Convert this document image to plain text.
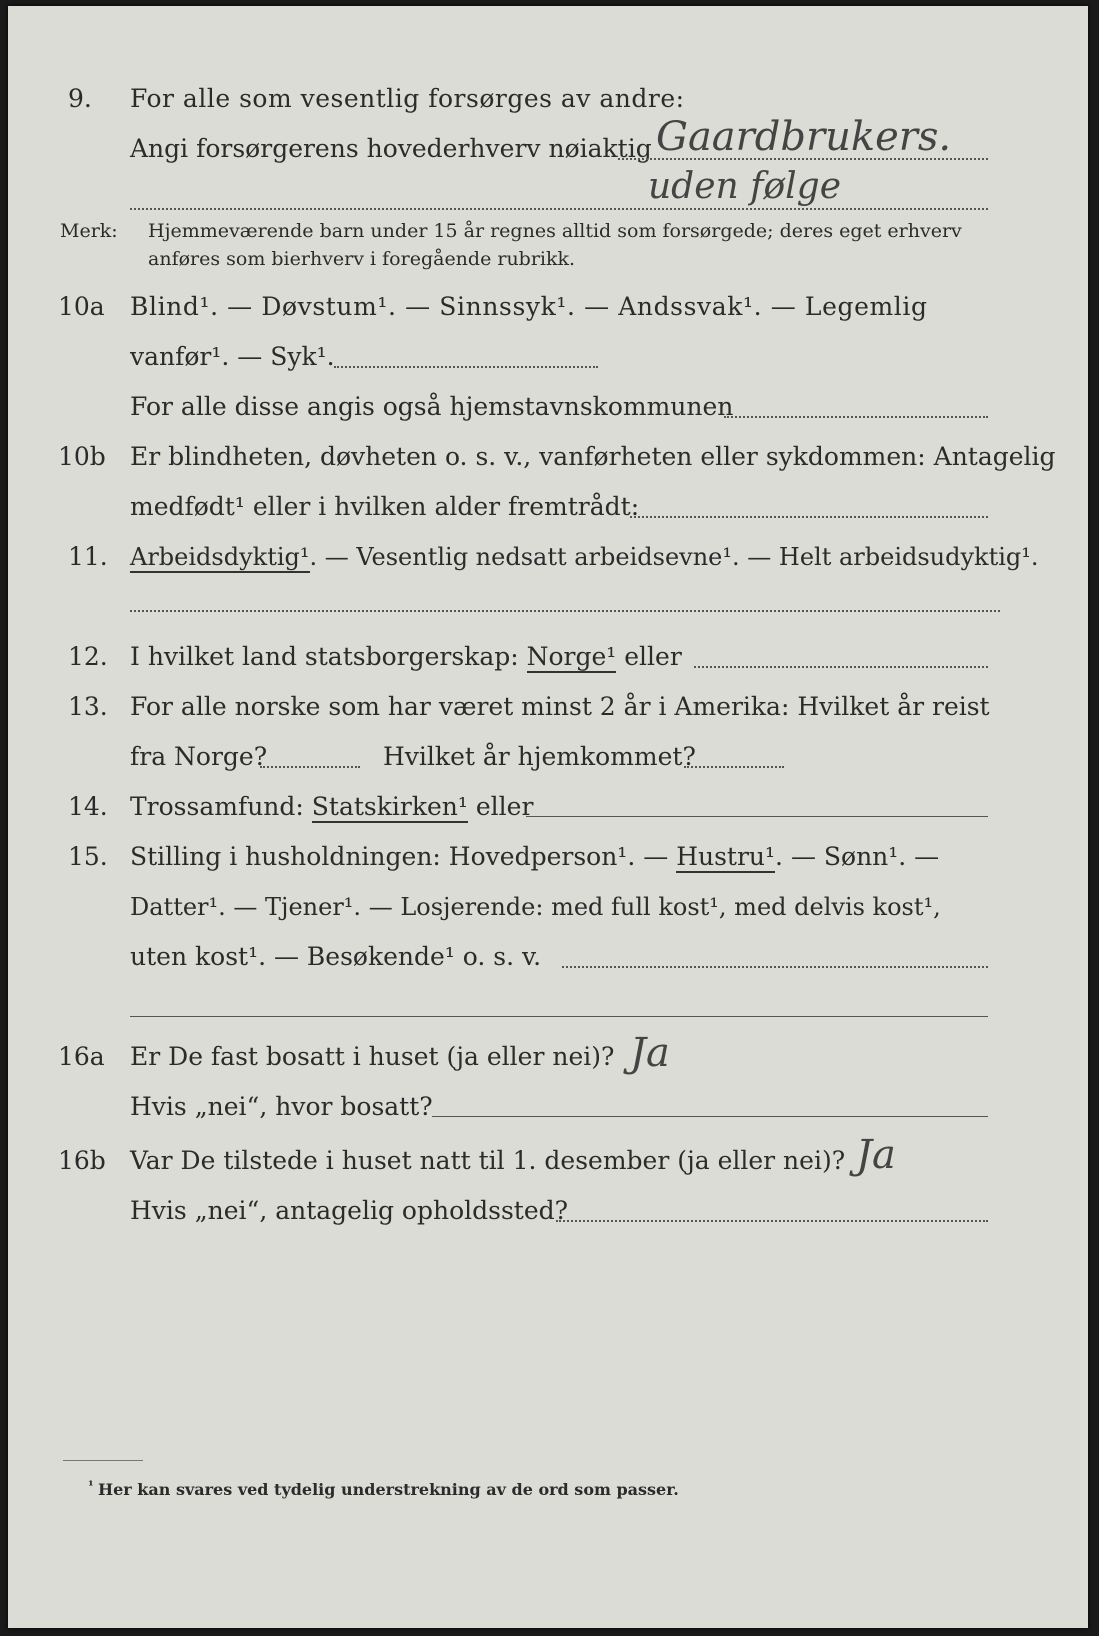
9. For alle som vesentlig forsørges av andre:
Angi forsørgerens hovederhverv nøiaktig Gaardbrukers.
uden følge
Merk: Hjemmeværende barn under 15 år regnes alltid som forsørgede; deres eget erhverv
anføres som bierhverv i foregående rubrikk.
10a Blind¹. — Døvstum¹. — Sinnssyk¹. — Andssvak¹. — Legemlig
vanfør¹. — Syk¹.
For alle disse angis også hjemstavnskommunen
10b Er blindheten, døvheten o. s. v., vanførheten eller sykdommen: Antagelig
medfødt¹ eller i hvilken alder fremtrådt:
11. Arbeidsdyktig¹. — Vesentlig nedsatt arbeidsevne¹. — Helt arbeidsudyktig¹.
12. I hvilket land statsborgerskap: Norge¹ eller
13. For alle norske som har været minst 2 år i Amerika: Hvilket år reist
fra Norge?	Hvilket år hjemkommet?
14. Trossamfund: Statskirken¹ eller
15. Stilling i husholdningen: Hovedperson¹. — Hustru¹. — Sønn¹. —
Datter¹. — Tjener¹. — Losjerende: med full kost¹, med delvis kost¹,
uten kost¹. — Besøkende¹ o. s. v.
16a Er De fast bosatt i huset (ja eller nei)? Ja
Hvis „nei“, hvor bosatt?
16b Var De tilstede i huset natt til 1. desember (ja eller nei)? Ja
Hvis „nei“, antagelig opholdssted?
¹ Her kan svares ved tydelig understrekning av de ord som passer.
